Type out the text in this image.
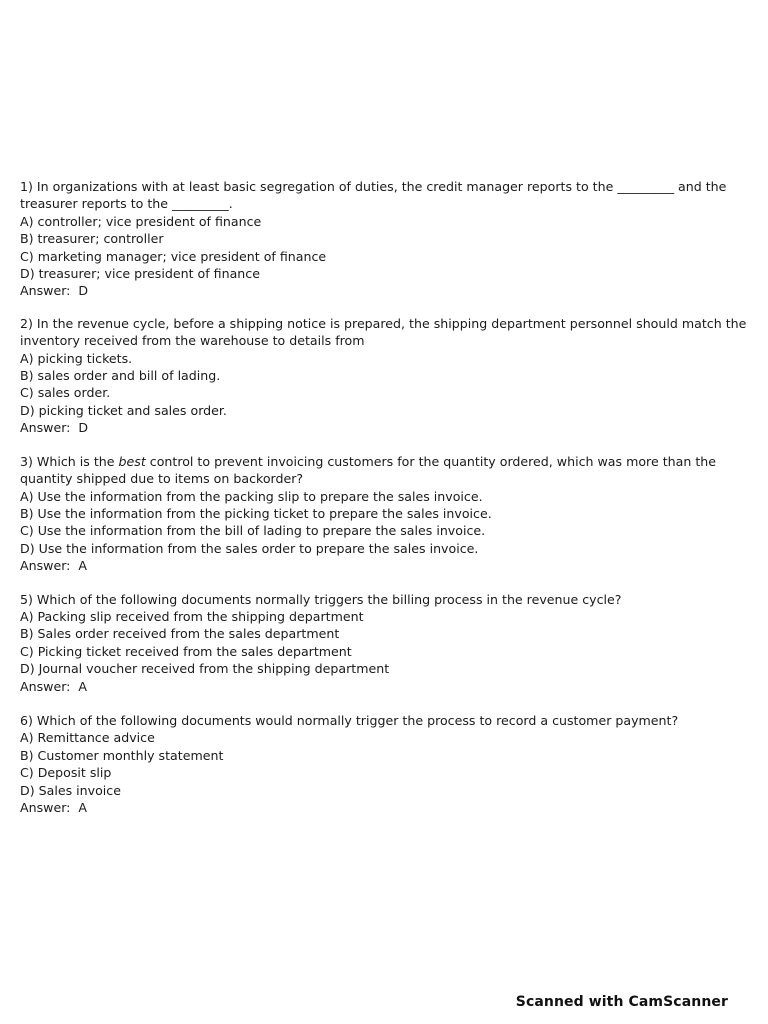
1) In organizations with at least basic segregation of duties, the credit manager reports to the _________ and the treasurer reports to the _________.
A) controller; vice president of finance
B) treasurer; controller
C) marketing manager; vice president of finance
D) treasurer; vice president of finance
Answer:  D
2) In the revenue cycle, before a shipping notice is prepared, the shipping department personnel should match the inventory received from the warehouse to details from
A) picking tickets.
B) sales order and bill of lading.
C) sales order.
D) picking ticket and sales order.
Answer:  D
3) Which is the best control to prevent invoicing customers for the quantity ordered, which was more than the quantity shipped due to items on backorder?
A) Use the information from the packing slip to prepare the sales invoice.
B) Use the information from the picking ticket to prepare the sales invoice.
C) Use the information from the bill of lading to prepare the sales invoice.
D) Use the information from the sales order to prepare the sales invoice.
Answer:  A
5) Which of the following documents normally triggers the billing process in the revenue cycle?
A) Packing slip received from the shipping department
B) Sales order received from the sales department
C) Picking ticket received from the sales department
D) Journal voucher received from the shipping department
Answer:  A
6) Which of the following documents would normally trigger the process to record a customer payment?
A) Remittance advice
B) Customer monthly statement
C) Deposit slip
D) Sales invoice
Answer:  A
Scanned with CamScanner
